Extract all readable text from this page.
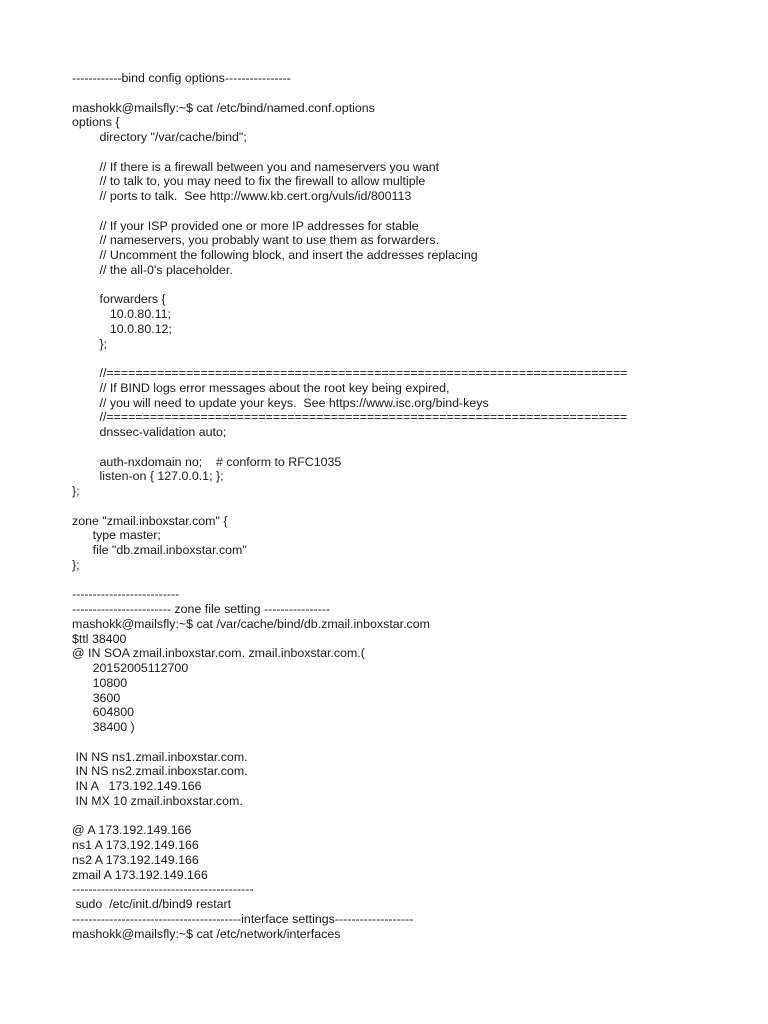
------------bind config options----------------
mashokk@mailsfly:~$ cat /etc/bind/named.conf.options
options {
directory "/var/cache/bind";
// If there is a firewall between you and nameservers you want
// to talk to, you may need to fix the firewall to allow multiple
// ports to talk.  See http://www.kb.cert.org/vuls/id/800113
// If your ISP provided one or more IP addresses for stable
// nameservers, you probably want to use them as forwarders.
// Uncomment the following block, and insert the addresses replacing
// the all-0's placeholder.
forwarders {
10.0.80.11;
10.0.80.12;
};
//========================================================================
// If BIND logs error messages about the root key being expired,
// you will need to update your keys.  See https://www.isc.org/bind-keys
//========================================================================
dnssec-validation auto;
auth-nxdomain no;    # conform to RFC1035
listen-on { 127.0.0.1; };
};
zone "zmail.inboxstar.com" {
type master;
file "db.zmail.inboxstar.com"
};
--------------------------
------------------------ zone file setting ----------------
mashokk@mailsfly:~$ cat /var/cache/bind/db.zmail.inboxstar.com
$ttl 38400
@ IN SOA zmail.inboxstar.com. zmail.inboxstar.com.(
20152005112700
10800
3600
604800
38400 )
IN NS ns1.zmail.inboxstar.com.
IN NS ns2.zmail.inboxstar.com.
IN A   173.192.149.166
IN MX 10 zmail.inboxstar.com.
@ A 173.192.149.166
ns1 A 173.192.149.166
ns2 A 173.192.149.166
zmail A 173.192.149.166
--------------------------------------------
sudo  /etc/init.d/bind9 restart
-----------------------------------------interface settings-------------------
mashokk@mailsfly:~$ cat /etc/network/interfaces
